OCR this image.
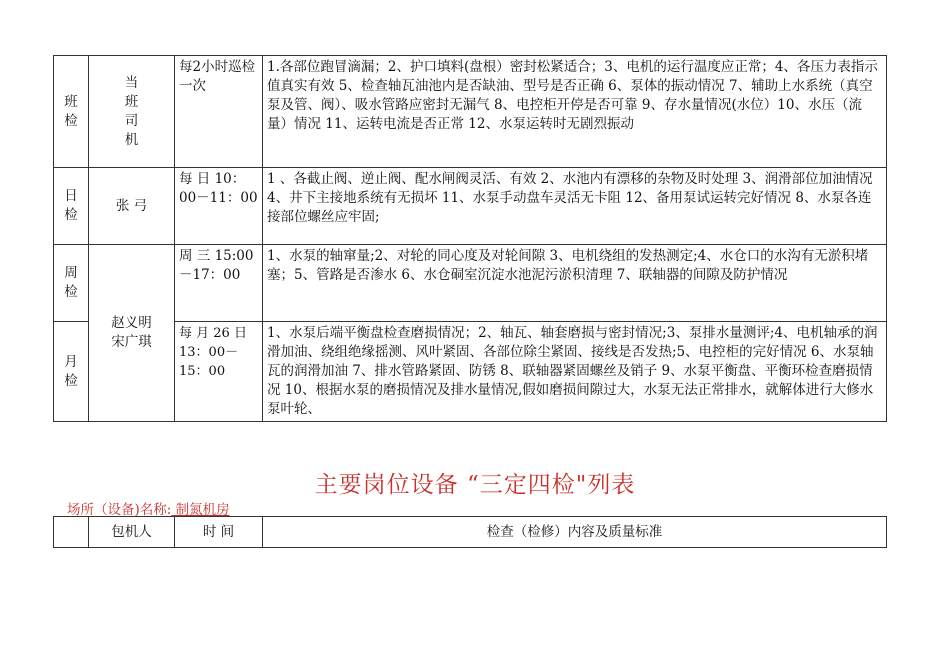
班检	当班司机	每2小时巡检一次	1.各部位跑冒滴漏；2、护口填料(盘根）密封松紧适合；3、电机的运行温度应正常；4、各压力表指示值真实有效 5、检查轴瓦油池内是否缺油、型号是否正确 6、泵体的振动情况 7、辅助上水系统（真空泵及管、阀）、吸水管路应密封无漏气 8、电控柜开停是否可靠 9、存水量情况(水位）10、水压（流量）情况 11、运转电流是否正常 12、水泵运转时无剧烈振动
日检	张 弓	每 日 10：00－11：00	1 、各截止阀、逆止阀、配水闸阀灵活、有效 2、水池内有漂移的杂物及时处理 3、润滑部位加油情况 4、井下主接地系统有无损坏 11、水泵手动盘车灵活无卡阻 12、备用泵试运转完好情况 8、水泵各连接部位螺丝应牢固;
周检	赵义明宋广琪	周 三 15:00－17：00	1、水泵的轴窜量;2、对轮的同心度及对轮间隙 3、电机绕组的发热测定;4、水仓口的水沟有无淤积堵塞；5、管路是否渗水 6、水仓硐室沉淀水池泥污淤积清理 7、联轴器的间隙及防护情况
月检		每 月 26 日 13：00－15：00	1、水泵后端平衡盘检查磨损情况；2、轴瓦、轴套磨损与密封情况;3、泵排水量测评;4、电机轴承的润滑加油、绕组绝缘摇测、风叶紧固、各部位除尘紧固、接线是否发热;5、电控柜的完好情况 6、水泵轴瓦的润滑加油 7、排水管路紧固、防锈 8、联轴器紧固螺丝及销子 9、水泵平衡盘、平衡环检查磨损情况 10、根据水泵的磨损情况及排水量情况,假如磨损间隙过大，水泵无法正常排水，就解体进行大修水泵叶轮、
主要岗位设备 “三定四检"列表
场所（设备)名称: 制氮机房
	包机人	时 间	检查（检修）内容及质量标准
